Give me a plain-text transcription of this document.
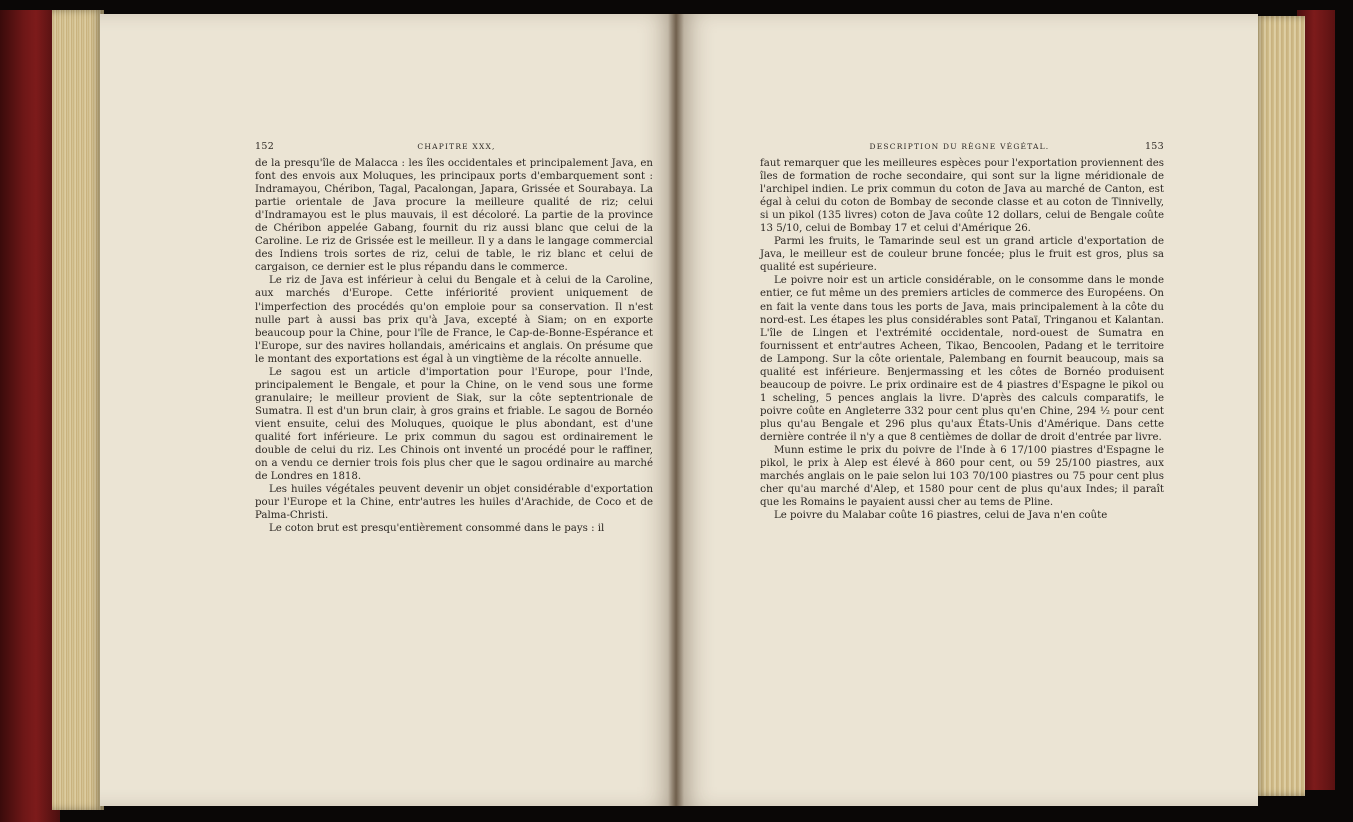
152	CHAPITRE XXX,

de la presqu'île de Malacca : les îles occidentales et principalement Java, en font des envois aux Moluques, les principaux ports d'embarquement sont : Indramayou, Chéribon, Tagal, Pacalongan, Japara, Grissée et Sourabaya. La partie orientale de Java procure la meilleure qualité de riz; celui d'Indramayou est le plus mauvais, il est décoloré. La partie de la province de Chéribon appelée Gabang, fournit du riz aussi blanc que celui de la Caroline. Le riz de Grissée est le meilleur. Il y a dans le langage commercial des Indiens trois sortes de riz, celui de table, le riz blanc et celui de cargaison, ce dernier est le plus répandu dans le commerce.

Le riz de Java est inférieur à celui du Bengale et à celui de la Caroline, aux marchés d'Europe. Cette infériorité provient uniquement de l'imperfection des procédés qu'on emploie pour sa conservation. Il n'est nulle part à aussi bas prix qu'à Java, excepté à Siam; on en exporte beaucoup pour la Chine, pour l'île de France, le Cap-de-Bonne-Espérance et l'Europe, sur des navires hollandais, américains et anglais. On présume que le montant des exportations est égal à un vingtième de la récolte annuelle.

Le sagou est un article d'importation pour l'Europe, pour l'Inde, principalement le Bengale, et pour la Chine, on le vend sous une forme granulaire; le meilleur provient de Siak, sur la côte septentrionale de Sumatra. Il est d'un brun clair, à gros grains et friable. Le sagou de Bornéo vient ensuite, celui des Moluques, quoique le plus abondant, est d'une qualité fort inférieure. Le prix commun du sagou est ordinairement le double de celui du riz. Les Chinois ont inventé un procédé pour le raffiner, on a vendu ce dernier trois fois plus cher que le sagou ordinaire au marché de Londres en 1818.

Les huiles végétales peuvent devenir un objet considérable d'exportation pour l'Europe et la Chine, entr'autres les huiles d'Arachide, de Coco et de Palma-Christi.

Le coton brut est presqu'entièrement consommé dans le pays : il

DESCRIPTION DU RÈGNE VÉGÉTAL.	153

faut remarquer que les meilleures espèces pour l'exportation proviennent des îles de formation de roche secondaire, qui sont sur la ligne méridionale de l'archipel indien. Le prix commun du coton de Java au marché de Canton, est égal à celui du coton de Bombay de seconde classe et au coton de Tinnivelly, si un pikol (135 livres) coton de Java coûte 12 dollars, celui de Bengale coûte 13 5/10, celui de Bombay 17 et celui d'Amérique 26.

Parmi les fruits, le Tamarinde seul est un grand article d'exportation de Java, le meilleur est de couleur brune foncée; plus le fruit est gros, plus sa qualité est supérieure.

Le poivre noir est un article considérable, on le consomme dans le monde entier, ce fut même un des premiers articles de commerce des Européens. On en fait la vente dans tous les ports de Java, mais principalement à la côte du nord-est. Les étapes les plus considérables sont Pataï, Tringanou et Kalantan. L'île de Lingen et l'extrémité occidentale, nord-ouest de Sumatra en fournissent et entr'autres Acheen, Tikao, Bencoolen, Padang et le territoire de Lampong. Sur la côte orientale, Palembang en fournit beaucoup, mais sa qualité est inférieure. Benjermassing et les côtes de Bornéo produisent beaucoup de poivre. Le prix ordinaire est de 4 piastres d'Espagne le pikol ou 1 scheling, 5 pences anglais la livre. D'après des calculs comparatifs, le poivre coûte en Angleterre 332 pour cent plus qu'en Chine, 294 ⅟₂ pour cent plus qu'au Bengale et 296 plus qu'aux États-Unis d'Amérique. Dans cette dernière contrée il n'y a que 8 centièmes de dollar de droit d'entrée par livre.

Munn estime le prix du poivre de l'Inde à 6 17/100 piastres d'Espagne le pikol, le prix à Alep est élevé à 860 pour cent, ou 59 25/100 piastres, aux marchés anglais on le paie selon lui 103 70/100 piastres ou 75 pour cent plus cher qu'au marché d'Alep, et 1580 pour cent de plus qu'aux Indes; il paraît que les Romains le payaient aussi cher au tems de Pline.

Le poivre du Malabar coûte 16 piastres, celui de Java n'en coûte
